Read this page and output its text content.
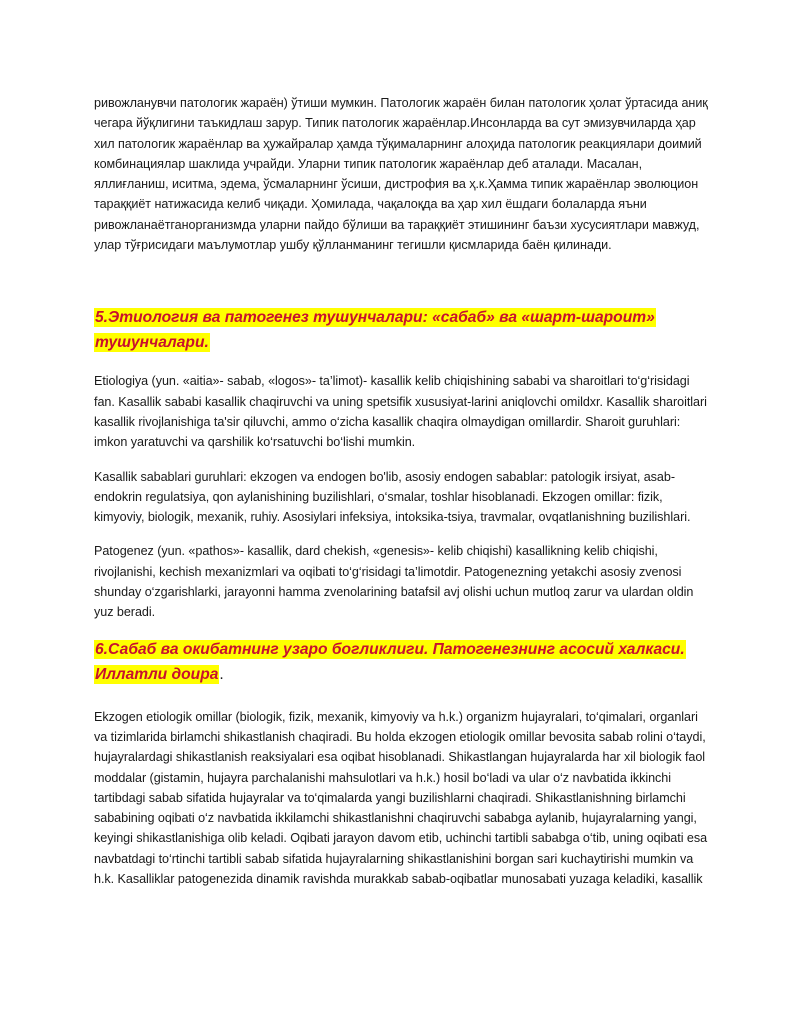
ривожланувчи патологик жараён) ўтиши мумкин. Патологик жараён билан патологик ҳолат ўртасида аниқ чегара йўқлигини таъкидлаш зарур. Типик патологик жараёнлар.Инсонларда ва сут эмизувчиларда ҳар хил патологик жараёнлар ва ҳужайралар ҳамда тўқималарнинг алоҳида патологик реакциялари доимий комбинациялар шаклида учрайди. Уларни типик патологик жараёнлар деб аталади. Масалан, яллиғланиш, иситма, эдема, ўсмаларнинг ўсиши, дистрофия ва ҳ.к.Ҳамма типик жараёнлар эволюцион тараққиёт натижасида келиб чиқади. Ҳомилада, чақалоқда ва ҳар хил ёшдаги болаларда яъни ривожланаётганорганизмда уларни пайдо бўлиши ва тараққиёт этишининг баъзи хусусиятлари мавжуд, улар тўғрисидаги маълумотлар ушбу қўлланманинг тегишли қисмларида баён қилинади.

5.Этиология ва патогенез тушунчалари: «сабаб» ва «шарт-шароит» тушунчалари.

Etiologiya (yun. «aitia»- sabab, «logos»- ta’limot)- kasallik kelib chiqishining sababi va sharoitlari to‘g‘risidagi fan. Kasallik sababi kasallik chaqiruvchi va uning spetsifik xususiyat-larini aniqlovchi omildxr. Kasallik sharoitlari kasallik rivojlanishiga ta'sir qiluvchi, ammo o‘zicha kasallik chaqira olmaydigan omillardir. Sharoit guruhlari: imkon yaratuvchi va qarshilik ko‘rsatuvchi bo‘lishi mumkin.

Kasallik sabablari guruhlari: ekzogen va endogen bo'lib, asosiy endogen sabablar: patologik irsiyat, asab-endokrin regulatsiya, qon aylanishining buzilishlari, o‘smalar, toshlar hisoblanadi. Ekzogen omillar: fizik, kimyoviy, biologik, mexanik, ruhiy. Asosiylari infeksiya, intoksika-tsiya, travmalar, ovqatlanishning buzilishlari.

Patogenez (yun. «pathos»- kasallik, dard chekish, «genesis»- kelib chiqishi) kasallikning kelib chiqishi, rivojlanishi, kechish mexanizmlari va oqibati to‘g‘risidagi ta’limotdir. Patogenezning yetakchi asosiy zvenosi shunday o‘zgarishlarki, jarayonni hamma zvenolarining batafsil avj olishi uchun mutloq zarur va ulardan oldin yuz beradi.

6.Сабаб ва окибатнинг узаро богликлиги. Патогенезнинг асосий халкаси. Иллатли доира.

Ekzogen etiologik omillar (biologik, fizik, mexanik, kimyoviy va h.k.) organizm hujayralari, to‘qimalari, organlari va tizimlarida birlamchi shikastlanish chaqiradi. Bu holda ekzogen etiologik omillar bevosita sabab rolini o‘taydi, hujayralardagi shikastlanish reaksiyalari esa oqibat hisoblanadi. Shikastlangan hujayralarda har xil biologik faol moddalar (gistamin, hujayra parchalanishi mahsulotlari va h.k.) hosil bo‘ladi va ular o‘z navbatida ikkinchi tartibdagi sabab sifatida hujayralar va to‘qimalarda yangi buzilishlarni chaqiradi. Shikastlanishning birlamchi sababining oqibati o‘z navbatida ikkilamchi shikastlanishni chaqiruvchi sababga aylanib, hujayralarning yangi, keyingi shikastlanishiga olib keladi. Oqibati jarayon davom etib, uchinchi tartibli sababga o‘tib, uning oqibati esa navbatdagi to‘rtinchi tartibli sabab sifatida hujayralarning shikastlanishini borgan sari kuchaytirishi mumkin va h.k. Kasalliklar patogenezida dinamik ravishda murakkab sabab-oqibatlar munosabati yuzaga keladiki, kasallik
